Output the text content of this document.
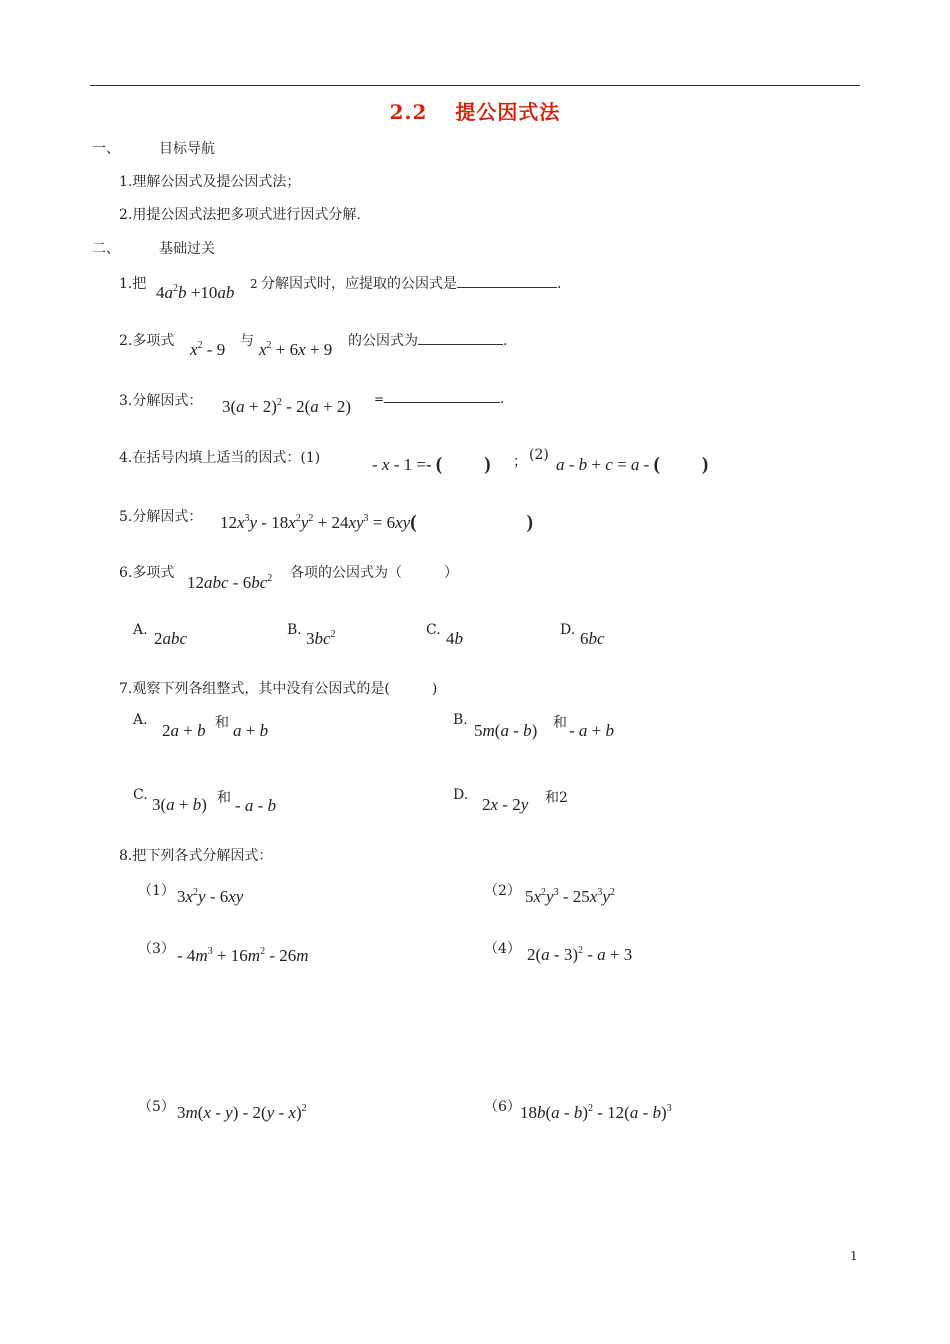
2.2 提公因式法
一、	目标导航
1.理解公因式及提公因式法；
2.用提公因式法把多项式进行因式分解.
二、	基础过关
1.把 $4a^2b +10ab$ 2 分解因式时，应提取的公因式是	.
2.多项式 $x^2 - 9$ 与 $x^2 + 6x + 9$ 的公因式为	.
3.分解因式： $3(a + 2)^2 - 2(a + 2)$ =	.
4.在括号内填上适当的因式：(1)	- x - 1 =- ( ) ； (2) a - b + c = a - ( )
5.分解因式： $12x^3y - 18x^2y^2 + 24xy^3 = 6xy$(	)
6.多项式 $12abc - 6bc^2$ 各项的公因式为（　　　）
A. 2abc	B. $3bc^2$	C. 4b	D. 6bc
7.观察下列各组整式，其中没有公因式的是(　　　)
A.
2a + b 和 a + b
B.
5m(a - b) 和 - a + b
C. 3(a + b) 和 - a - b
D. 2x - 2y 和2
8.把下列各式分解因式：
（1） $3x^2y - 6xy$	（2） $5x^2y^3 - 25x^3y^2$
$(3) - 4m^3 + 16m^2 - 26m$	（4） 2(a - 3)$^2$ - a + 3
（5） 3m(x - y) - 2(y - x)$^2$	（6） 18b(a - b)$^2$ - 12(a - b)$^3$
1
